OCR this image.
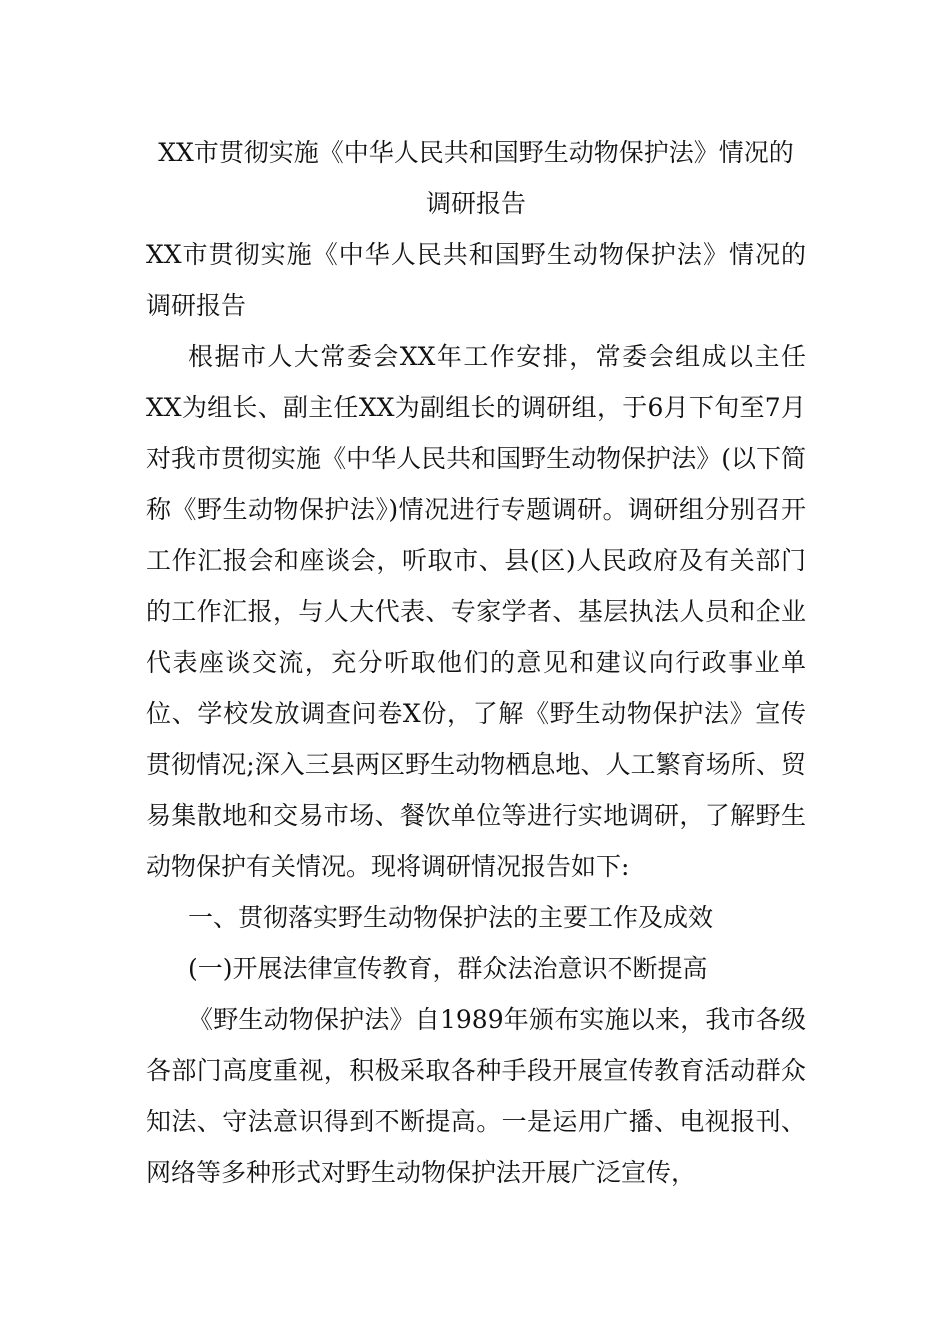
XX市贯彻实施《中华人民共和国野生动物保护法》情况的
调研报告

XX市贯彻实施《中华人民共和国野生动物保护法》情况的调研报告

根据市人大常委会XX年工作安排，常委会组成以主任XX为组长、副主任XX为副组长的调研组，于6月下旬至7月对我市贯彻实施《中华人民共和国野生动物保护法》(以下简称《野生动物保护法》)情况进行专题调研。调研组分别召开工作汇报会和座谈会，听取市、县(区)人民政府及有关部门的工作汇报，与人大代表、专家学者、基层执法人员和企业代表座谈交流，充分听取他们的意见和建议向行政事业单位、学校发放调查问卷X份，了解《野生动物保护法》宣传贯彻情况;深入三县两区野生动物栖息地、人工繁育场所、贸易集散地和交易市场、餐饮单位等进行实地调研，了解野生动物保护有关情况。现将调研情况报告如下:

一、贯彻落实野生动物保护法的主要工作及成效

(一)开展法律宣传教育，群众法治意识不断提高

《野生动物保护法》自1989年颁布实施以来，我市各级各部门高度重视，积极采取各种手段开展宣传教育活动群众知法、守法意识得到不断提高。一是运用广播、电视报刊、网络等多种形式对野生动物保护法开展广泛宣传，
